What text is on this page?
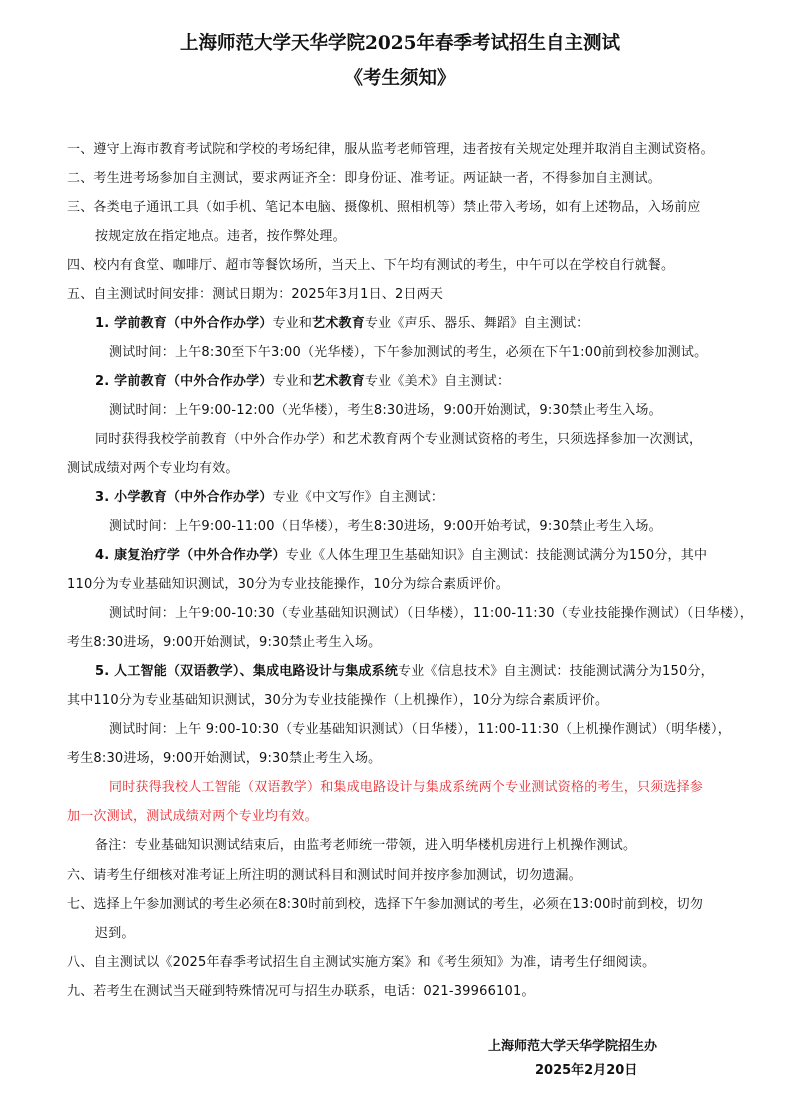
上海师范大学天华学院2025年春季考试招生自主测试
《考生须知》
一、遵守上海市教育考试院和学校的考场纪律，服从监考老师管理，违者按有关规定处理并取消自主测试资格。
二、考生进考场参加自主测试，要求两证齐全：即身份证、准考证。两证缺一者，不得参加自主测试。
三、各类电子通讯工具（如手机、笔记本电脑、摄像机、照相机等）禁止带入考场，如有上述物品，入场前应
按规定放在指定地点。违者，按作弊处理。
四、校内有食堂、咖啡厅、超市等餐饮场所，当天上、下午均有测试的考生，中午可以在学校自行就餐。
五、自主测试时间安排：测试日期为：2025年3月1日、2日两天
1. 学前教育（中外合作办学）专业和艺术教育专业《声乐、器乐、舞蹈》自主测试：
测试时间：上午8:30至下午3:00（光华楼），下午参加测试的考生，必须在下午1:00前到校参加测试。
2. 学前教育（中外合作办学）专业和艺术教育专业《美术》自主测试：
测试时间：上午9:00-12:00（光华楼），考生8:30进场，9:00开始测试，9:30禁止考生入场。
同时获得我校学前教育（中外合作办学）和艺术教育两个专业测试资格的考生，只须选择参加一次测试，
测试成绩对两个专业均有效。
3. 小学教育（中外合作办学）专业《中文写作》自主测试：
测试时间：上午9:00-11:00（日华楼），考生8:30进场，9:00开始考试，9:30禁止考生入场。
4. 康复治疗学（中外合作办学）专业《人体生理卫生基础知识》自主测试：技能测试满分为150分，其中
110分为专业基础知识测试，30分为专业技能操作，10分为综合素质评价。
测试时间：上午9:00-10:30（专业基础知识测试）（日华楼），11:00-11:30（专业技能操作测试）（日华楼），
考生8:30进场，9:00开始测试，9:30禁止考生入场。
5. 人工智能（双语教学）、集成电路设计与集成系统专业《信息技术》自主测试：技能测试满分为150分，
其中110分为专业基础知识测试，30分为专业技能操作（上机操作），10分为综合素质评价。
测试时间：上午 9:00-10:30（专业基础知识测试）（日华楼），11:00-11:30（上机操作测试）（明华楼），
考生8:30进场，9:00开始测试，9:30禁止考生入场。
同时获得我校人工智能（双语教学）和集成电路设计与集成系统两个专业测试资格的考生，只须选择参
加一次测试，测试成绩对两个专业均有效。
备注：专业基础知识测试结束后，由监考老师统一带领，进入明华楼机房进行上机操作测试。
六、请考生仔细核对准考证上所注明的测试科目和测试时间并按序参加测试，切勿遗漏。
七、选择上午参加测试的考生必须在8:30时前到校，选择下午参加测试的考生，必须在13:00时前到校，切勿
迟到。
八、自主测试以《2025年春季考试招生自主测试实施方案》和《考生须知》为准，请考生仔细阅读。
九、若考生在测试当天碰到特殊情况可与招生办联系，电话：021-39966101。
上海师范大学天华学院招生办
2025年2月20日
